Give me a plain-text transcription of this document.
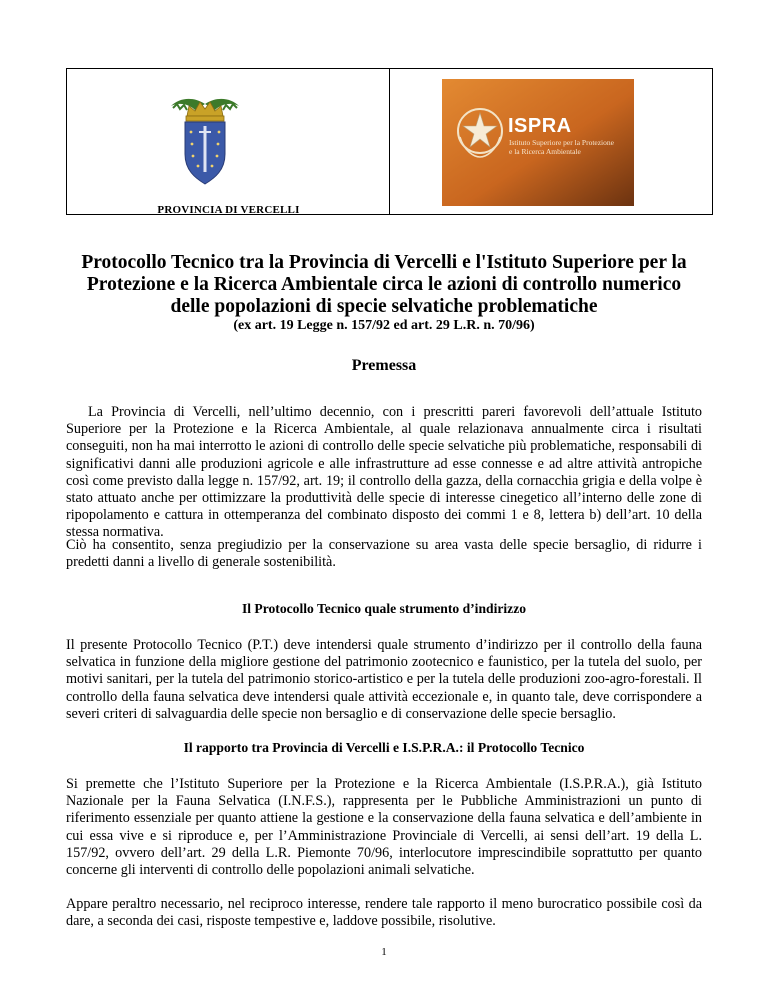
PROVINCIA DI VERCELLI
ISPRA
Istituto Superiore per la Protezione
e la Ricerca Ambientale
Protocollo Tecnico tra la Provincia di Vercelli e l'Istituto Superiore per la Protezione e la Ricerca Ambientale circa le azioni di controllo numerico delle popolazioni di specie selvatiche problematiche
(ex art. 19 Legge n. 157/92 ed art. 29 L.R. n. 70/96)
Premessa

La Provincia di Vercelli, nell’ultimo decennio, con i prescritti pareri favorevoli dell’attuale Istituto Superiore per la Protezione e la Ricerca Ambientale, al quale relazionava annualmente circa i risultati conseguiti, non ha mai interrotto le azioni di controllo delle specie selvatiche più problematiche, responsabili di significativi danni alle produzioni agricole e alle infrastrutture ad esse connesse e ad altre attività antropiche così come previsto dalla legge n. 157/92, art. 19; il controllo della gazza, della cornacchia grigia e della volpe è stato attuato anche per ottimizzare la produttività delle specie di interesse cinegetico all’interno delle zone di ripopolamento e cattura in ottemperanza del combinato disposto dei commi 1 e 8, lettera b) dell’art. 10 della stessa normativa.

Ciò ha consentito, senza pregiudizio per la conservazione su area vasta delle specie bersaglio, di ridurre i predetti danni a livello di generale sostenibilità.

Il Protocollo Tecnico quale strumento d’indirizzo

Il presente Protocollo Tecnico (P.T.) deve intendersi quale strumento d’indirizzo per il controllo della fauna selvatica in funzione della migliore gestione del patrimonio zootecnico e faunistico, per la tutela del suolo, per motivi sanitari, per la tutela del patrimonio storico-artistico e per la tutela delle produzioni zoo-agro-forestali. Il controllo della fauna selvatica deve intendersi quale attività eccezionale e, in quanto tale, deve corrispondere a severi criteri di salvaguardia delle specie non bersaglio e di conservazione delle specie bersaglio.

Il rapporto tra Provincia di Vercelli e I.S.P.R.A.: il Protocollo Tecnico

Si premette che l’Istituto Superiore per la Protezione e la Ricerca Ambientale (I.S.P.R.A.), già Istituto Nazionale per la Fauna Selvatica (I.N.F.S.), rappresenta per le Pubbliche Amministrazioni un punto di riferimento essenziale per quanto attiene la gestione e la conservazione della fauna selvatica e dell’ambiente in cui essa vive e si riproduce e, per l’Amministrazione Provinciale di Vercelli, ai sensi dell’art. 19 della L. 157/92, ovvero dell’art. 29 della L.R. Piemonte 70/96, interlocutore imprescindibile soprattutto per quanto concerne gli interventi di controllo delle popolazioni animali selvatiche.

Appare peraltro necessario, nel reciproco interesse, rendere tale rapporto il meno burocratico possibile così da dare, a seconda dei casi, risposte tempestive e, laddove possibile, risolutive.

1
